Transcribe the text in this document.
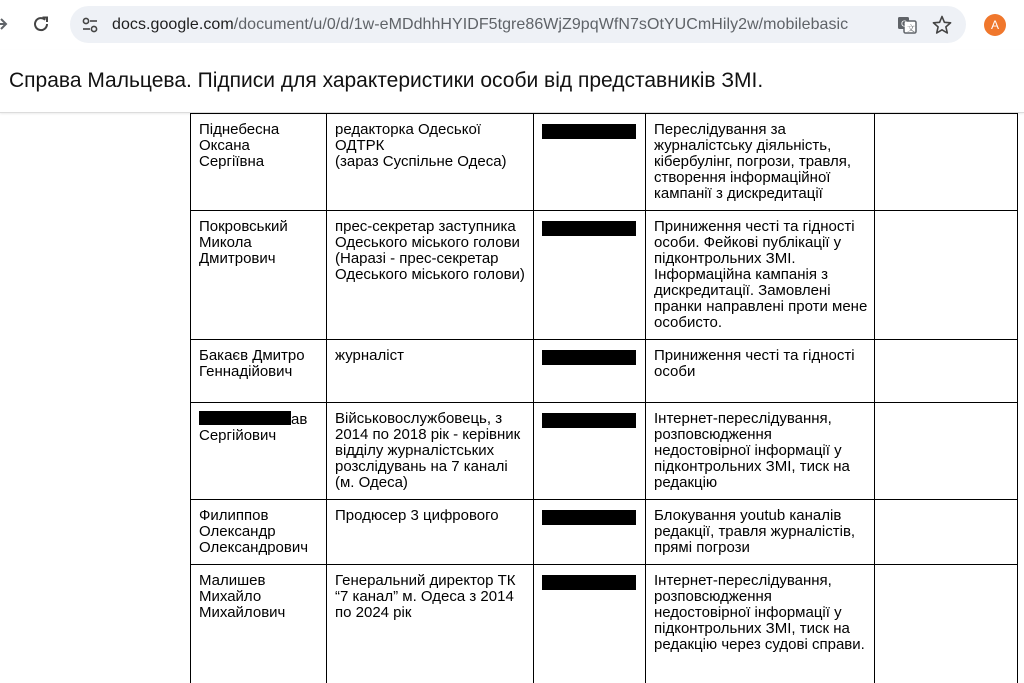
docs.google.com/document/u/0/d/1w-eMDdhhHYIDF5tgre86WjZ9pqWfN7sOtYUCmHily2w/mobilebasic	G 文	A
Справа Мальцева. Підписи для характеристики особи від представників ЗМІ.
Піднебесна
Оксана
Сергіївна	редакторка Одеської
ОДТРК
(зараз Суспільне Одеса)		Переслідування за журналістську діяльність, кібербулінг, погрози, травля, створення інформаційної кампанії з дискредитації	
Покровський
Микола
Дмитрович	прес-секретар заступника Одеського міського голови (Наразі - прес-секретар Одеського міського голови)		Приниження честі та гідності особи. Фейкові публікації у підконтрольних ЗМІ. Інформаційна кампанія з дискредитації. Замовлені пранки направлені проти мене особисто.	
Бакаєв Дмитро Геннадійович	журналіст		Приниження честі та гідності особи	
ав
Сергійович	Військовослужбовець, з 2014 по 2018 рік - керівник відділу журналістських розслідувань на 7 каналі (м. Одеса)		Інтернет-переслідування, розповсюдження недостовірної інформації у підконтрольних ЗМІ, тиск на редакцію	
Филиппов
Олександр
Олександрович	Продюсер 3 цифрового		Блокування youtub каналів редакції, травля журналістів, прямі погрози	
Малишев
Михайло
Михайлович	Генеральний директор ТК “7 канал” м. Одеса з 2014 по 2024 рік		Інтернет-переслідування, розповсюдження недостовірної інформації у підконтрольних ЗМІ, тиск на редакцію через судові справи.	
